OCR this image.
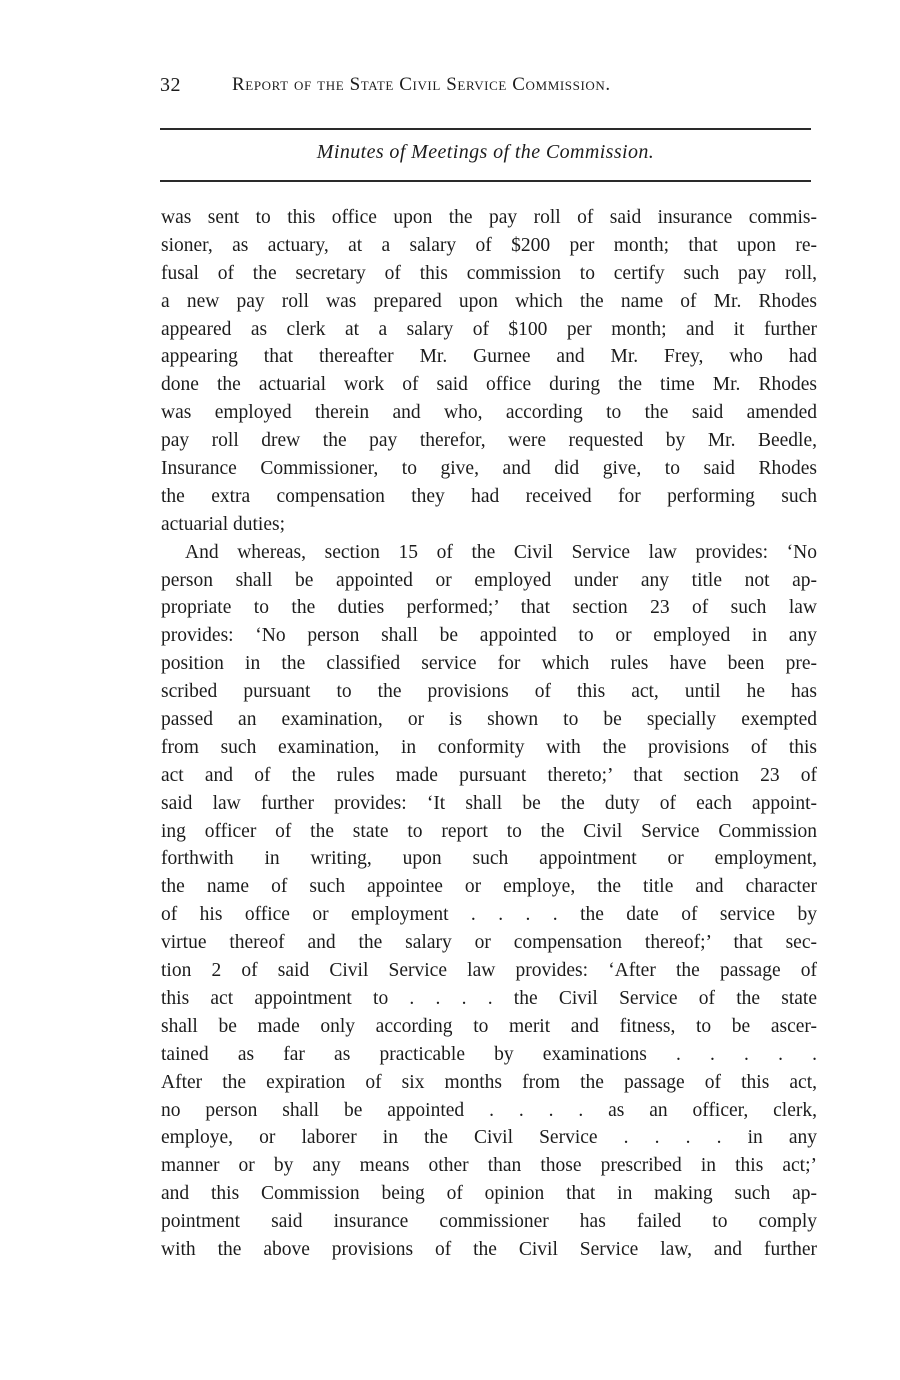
32	Report of the State Civil Service Commission.
Minutes of Meetings of the Commission.
was sent to this office upon the pay roll of said insurance commis-
sioner, as actuary, at a salary of $200 per month; that upon re-
fusal of the secretary of this commission to certify such pay roll,
a new pay roll was prepared upon which the name of Mr. Rhodes
appeared as clerk at a salary of $100 per month; and it further
appearing that thereafter Mr. Gurnee and Mr. Frey, who had
done the actuarial work of said office during the time Mr. Rhodes
was employed therein and who, according to the said amended
pay roll drew the pay therefor, were requested by Mr. Beedle,
Insurance Commissioner, to give, and did give, to said Rhodes
the extra compensation they had received for performing such
actuarial duties;
And whereas, section 15 of the Civil Service law provides: ‘No
person shall be appointed or employed under any title not ap-
propriate to the duties performed;’ that section 23 of such law
provides: ‘No person shall be appointed to or employed in any
position in the classified service for which rules have been pre-
scribed pursuant to the provisions of this act, until he has
passed an examination, or is shown to be specially exempted
from such examination, in conformity with the provisions of this
act and of the rules made pursuant thereto;’ that section 23 of
said law further provides: ‘It shall be the duty of each appoint-
ing officer of the state to report to the Civil Service Commission
forthwith in writing, upon such appointment or employment,
the name of such appointee or employe, the title and character
of his office or employment . . . . the date of service by
virtue thereof and the salary or compensation thereof;’ that sec-
tion 2 of said Civil Service law provides: ‘After the passage of
this act appointment to . . . . the Civil Service of the state
shall be made only according to merit and fitness, to be ascer-
tained as far as practicable by examinations . . . . .
After the expiration of six months from the passage of this act,
no person shall be appointed . . . . as an officer, clerk,
employe, or laborer in the Civil Service . . . . in any
manner or by any means other than those prescribed in this act;’
and this Commission being of opinion that in making such ap-
pointment said insurance commissioner has failed to comply
with the above provisions of the Civil Service law, and further
